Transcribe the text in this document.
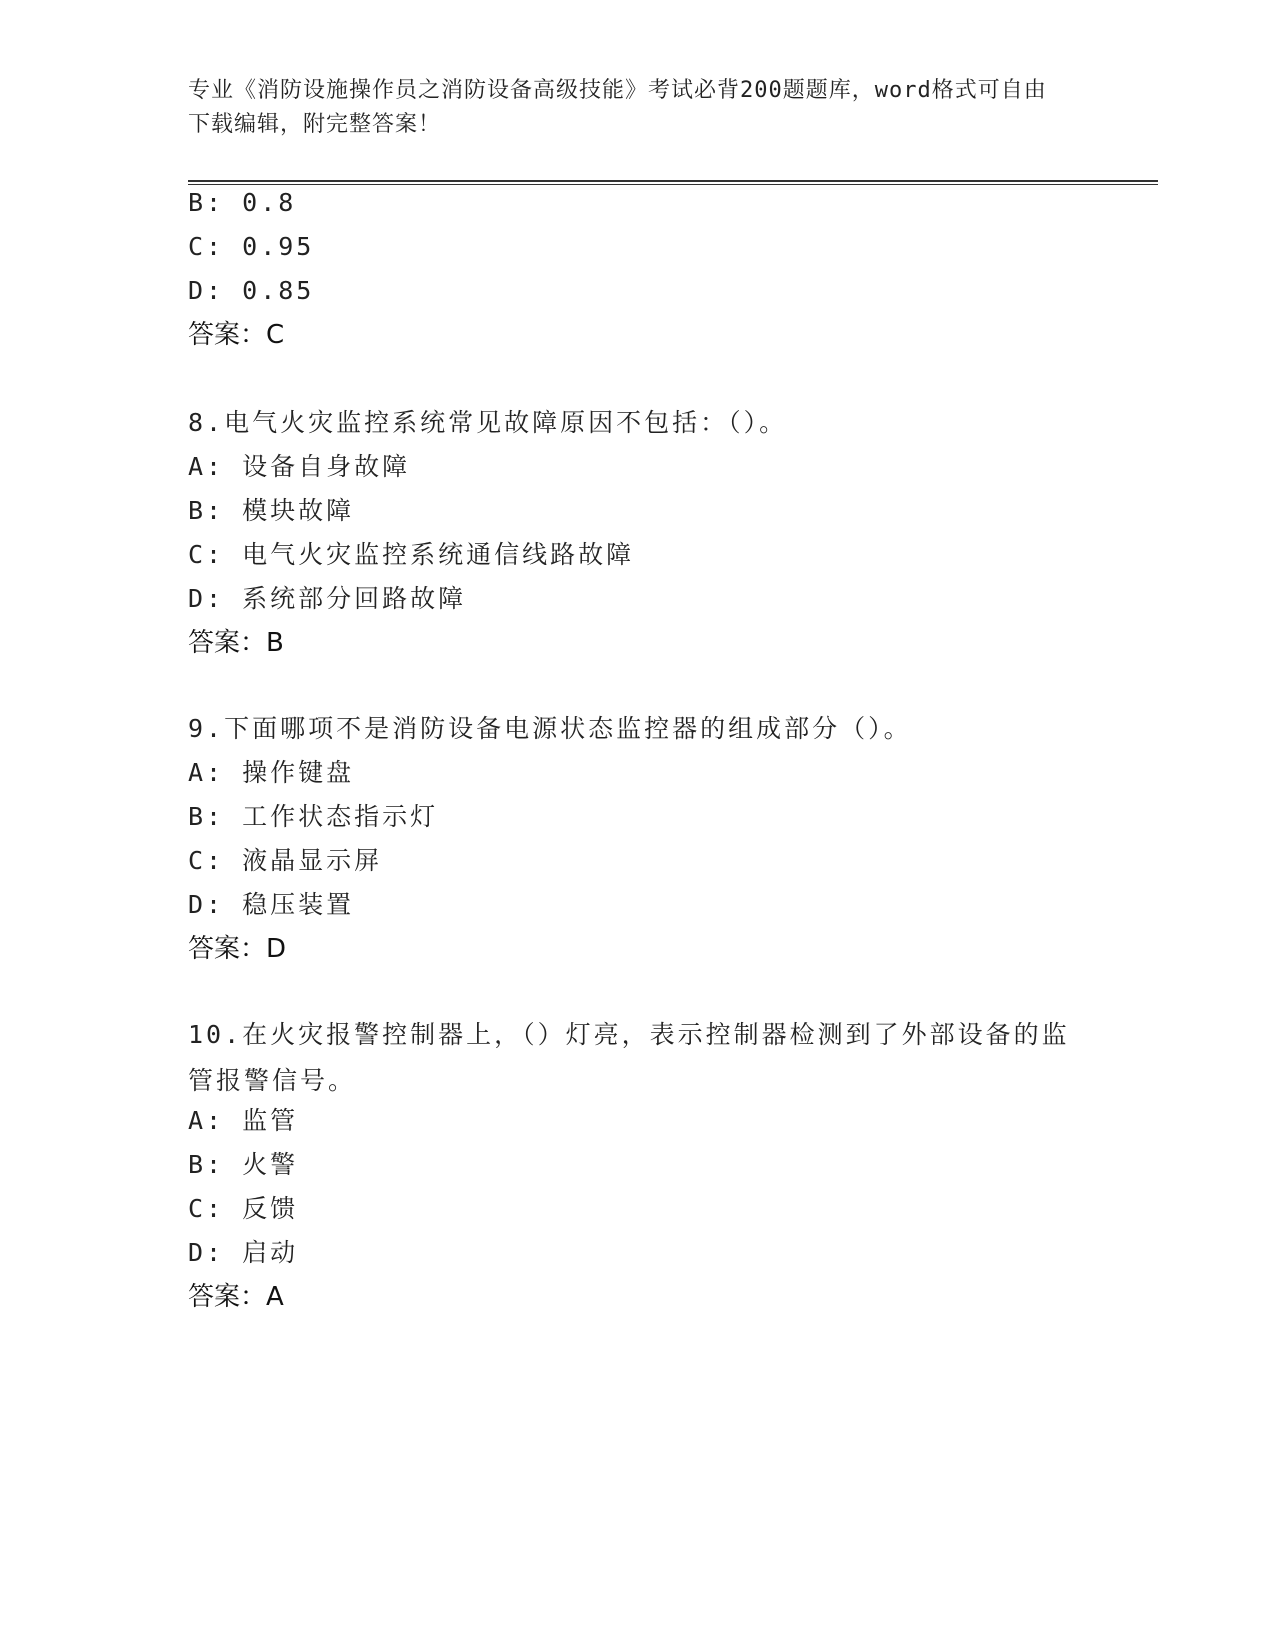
专业《消防设施操作员之消防设备高级技能》考试必背200题题库，word格式可自由下载编辑，附完整答案！

B: 0.8
C: 0.95
D: 0.85
答案：C
8.电气火灾监控系统常见故障原因不包括：（）。
A: 设备自身故障
B: 模块故障
C: 电气火灾监控系统通信线路故障
D: 系统部分回路故障
答案：B
9.下面哪项不是消防设备电源状态监控器的组成部分（）。
A: 操作键盘
B: 工作状态指示灯
C: 液晶显示屏
D: 稳压装置
答案：D
10.在火灾报警控制器上，（）灯亮，表示控制器检测到了外部设备的监管报警信号。
A: 监管
B: 火警
C: 反馈
D: 启动
答案：A
